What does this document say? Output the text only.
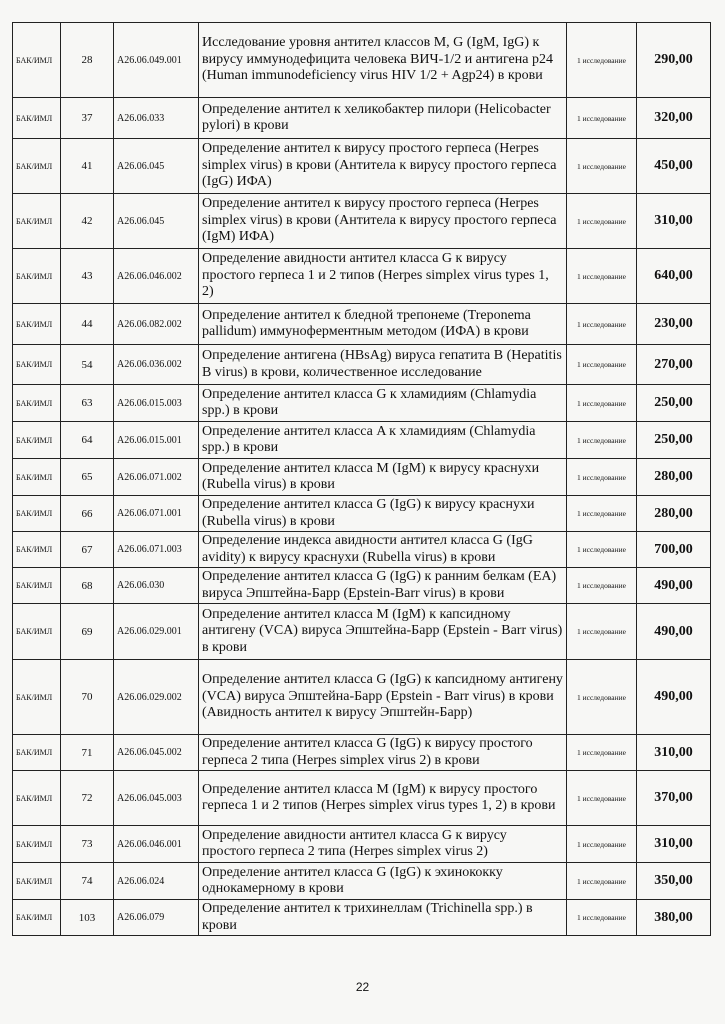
БАК/ИМЛ	28	A26.06.049.001	Исследование уровня антител классов M, G (IgM, IgG) к вирусу иммунодефицита человека ВИЧ-1/2 и антигена p24 (Human immunodeficiency virus HIV 1/2 + Agp24) в крови	1 исследование	290,00
БАК/ИМЛ	37	A26.06.033	Определение антител к хеликобактер пилори (Helicobacter pylori) в крови	1 исследование	320,00
БАК/ИМЛ	41	A26.06.045	Определение антител к вирусу простого герпеса (Herpes simplex virus) в крови (Антитела к вирусу простого герпеса (IgG) ИФА)	1 исследование	450,00
БАК/ИМЛ	42	A26.06.045	Определение антител к вирусу простого герпеса (Herpes simplex virus) в крови (Антитела к вирусу простого герпеса (IgM) ИФА)	1 исследование	310,00
БАК/ИМЛ	43	A26.06.046.002	Определение авидности антител класса G к вирусу простого герпеса 1 и 2 типов (Herpes simplex virus types 1, 2)	1 исследование	640,00
БАК/ИМЛ	44	A26.06.082.002	Определение антител к бледной трепонеме (Treponema pallidum) иммуноферментным методом (ИФА) в крови	1 исследование	230,00
БАК/ИМЛ	54	A26.06.036.002	Определение антигена (HBsAg) вируса гепатита B (Hepatitis B virus) в крови, количественное исследование	1 исследование	270,00
БАК/ИМЛ	63	A26.06.015.003	Определение антител класса G к хламидиям (Chlamydia spp.) в крови	1 исследование	250,00
БАК/ИМЛ	64	A26.06.015.001	Определение антител класса A к хламидиям (Chlamydia spp.) в крови	1 исследование	250,00
БАК/ИМЛ	65	A26.06.071.002	Определение антител класса M (IgM) к вирусу краснухи (Rubella virus) в крови	1 исследование	280,00
БАК/ИМЛ	66	A26.06.071.001	Определение антител класса G (IgG) к вирусу краснухи (Rubella virus) в крови	1 исследование	280,00
БАК/ИМЛ	67	A26.06.071.003	Определение индекса авидности антител класса G (IgG avidity) к вирусу краснухи (Rubella virus) в крови	1 исследование	700,00
БАК/ИМЛ	68	A26.06.030	Определение антител класса G (IgG) к ранним белкам (EA) вируса Эпштейна-Барр (Epstein-Barr virus) в крови	1 исследование	490,00
БАК/ИМЛ	69	A26.06.029.001	Определение антител класса M (IgM) к капсидному антигену (VCA) вируса Эпштейна-Барр (Epstein - Barr virus) в крови	1 исследование	490,00
БАК/ИМЛ	70	A26.06.029.002	Определение антител класса G (IgG) к капсидному антигену (VCA) вируса Эпштейна-Барр (Epstein - Barr virus) в крови (Авидность антител к вирусу Эпштейн-Барр)	1 исследование	490,00
БАК/ИМЛ	71	A26.06.045.002	Определение антител класса G (IgG) к вирусу простого герпеса 2 типа (Herpes simplex virus 2) в крови	1 исследование	310,00
БАК/ИМЛ	72	A26.06.045.003	Определение антител класса M (IgM) к вирусу простого герпеса 1 и 2 типов (Herpes simplex virus types 1, 2) в крови	1 исследование	370,00
БАК/ИМЛ	73	A26.06.046.001	Определение авидности антител класса G к вирусу простого герпеса 2 типа (Herpes simplex virus 2)	1 исследование	310,00
БАК/ИМЛ	74	A26.06.024	Определение антител класса G (IgG) к эхинококку однокамерному в крови	1 исследование	350,00
БАК/ИМЛ	103	A26.06.079	Определение антител к трихинеллам (Trichinella spp.) в крови	1 исследование	380,00
22
